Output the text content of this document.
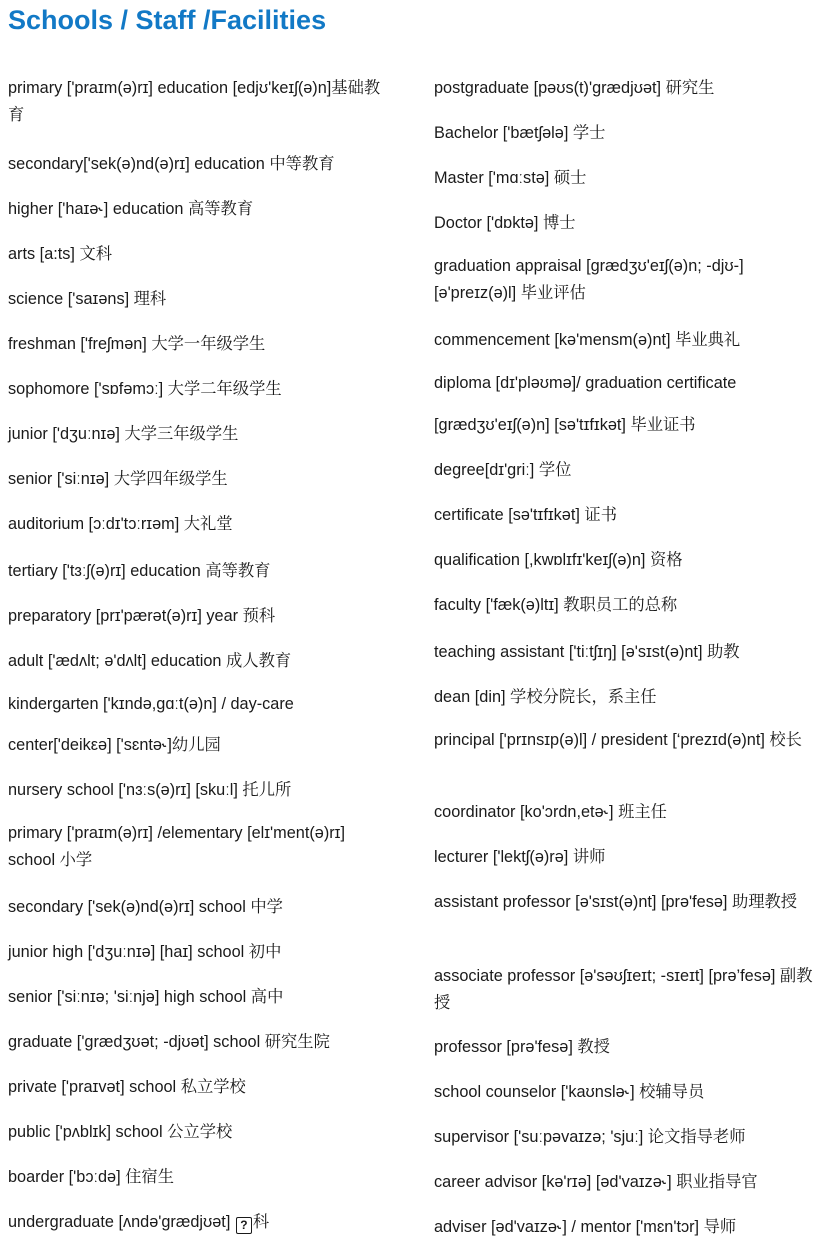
Schools / Staff /Facilities
primary ['praɪm(ə)rɪ] education [edjʊ'keɪʃ(ə)n]基础教育
secondary['sek(ə)nd(ə)rɪ] education 中等教育
higher ['haɪə˞] education 高等教育
arts [a:ts] 文科
science ['saɪəns] 理科
freshman ['freʃmən] 大学一年级学生
sophomore ['sɒfəmɔː] 大学二年级学生
junior ['dʒuːnɪə] 大学三年级学生
senior ['siːnɪə] 大学四年级学生
auditorium [ɔːdɪ'tɔːrɪəm] 大礼堂
tertiary ['tɜːʃ(ə)rɪ] education 高等教育
preparatory [prɪ'pærət(ə)rɪ] year 预科
adult ['ædʌlt; ə'dʌlt] education 成人教育
kindergarten ['kɪndə,gɑːt(ə)n] / day-care
center['deikεə] ['sɛntə˞]幼儿园
nursery school ['nɜːs(ə)rɪ] [skuːl] 托儿所
primary ['praɪm(ə)rɪ] /elementary [elɪ'ment(ə)rɪ] school 小学
secondary ['sek(ə)nd(ə)rɪ] school 中学
junior high ['dʒuːnɪə] [haɪ] school 初中
senior ['siːnɪə; 'siːnjə] high school 高中
graduate ['grædʒʊət; -djʊət] school 研究生院
private ['praɪvət] school 私立学校
public ['pʌblɪk] school 公立学校
boarder ['bɔːdə] 住宿生
undergraduate [ʌndə'grædjʊət] ? 科
postgraduate [pəʊs(t)'grædjʊət] 研究生
Bachelor ['bætʃələ] 学士
Master ['mɑːstə] 硕士
Doctor ['dɒktə] 博士
graduation appraisal [grædʒʊ'eɪʃ(ə)n; -djʊ-] [ə'preɪz(ə)l] 毕业评估
commencement [kə'mensm(ə)nt] 毕业典礼
diploma [dɪ'pləʊmə]/ graduation certificate
[grædʒʊ'eɪʃ(ə)n] [sə'tɪfɪkət] 毕业证书
degree[dɪ'griː] 学位
certificate [sə'tɪfɪkət] 证书
qualification [,kwɒlɪfɪ'keɪʃ(ə)n] 资格
faculty ['fæk(ə)ltɪ] 教职员工的总称
teaching assistant ['tiːtʃɪŋ] [ə'sɪst(ə)nt] 助教
dean [din] 学校分院长，系主任
principal ['prɪnsɪp(ə)l] / president [‘prezɪd(ə)nt] 校长
coordinator [ko'ɔrdn,etə˞] 班主任
lecturer ['lektʃ(ə)rə] 讲师
assistant professor [ə'sɪst(ə)nt] [prə'fesə] 助理教授
associate professor [ə'səʊʃɪeɪt; -sɪeɪt] [prə’fesə] 副教授
professor [prə'fesə] 教授
school counselor ['kaʊnslə˞] 校辅导员
supervisor ['suːpəvaɪzə; 'sjuː] 论文指导老师
career advisor [kə'rɪə] [əd'vaɪzə˞] 职业指导官
adviser [əd'vaɪzə˞] / mentor ['mɛn'tɔr] 导师
